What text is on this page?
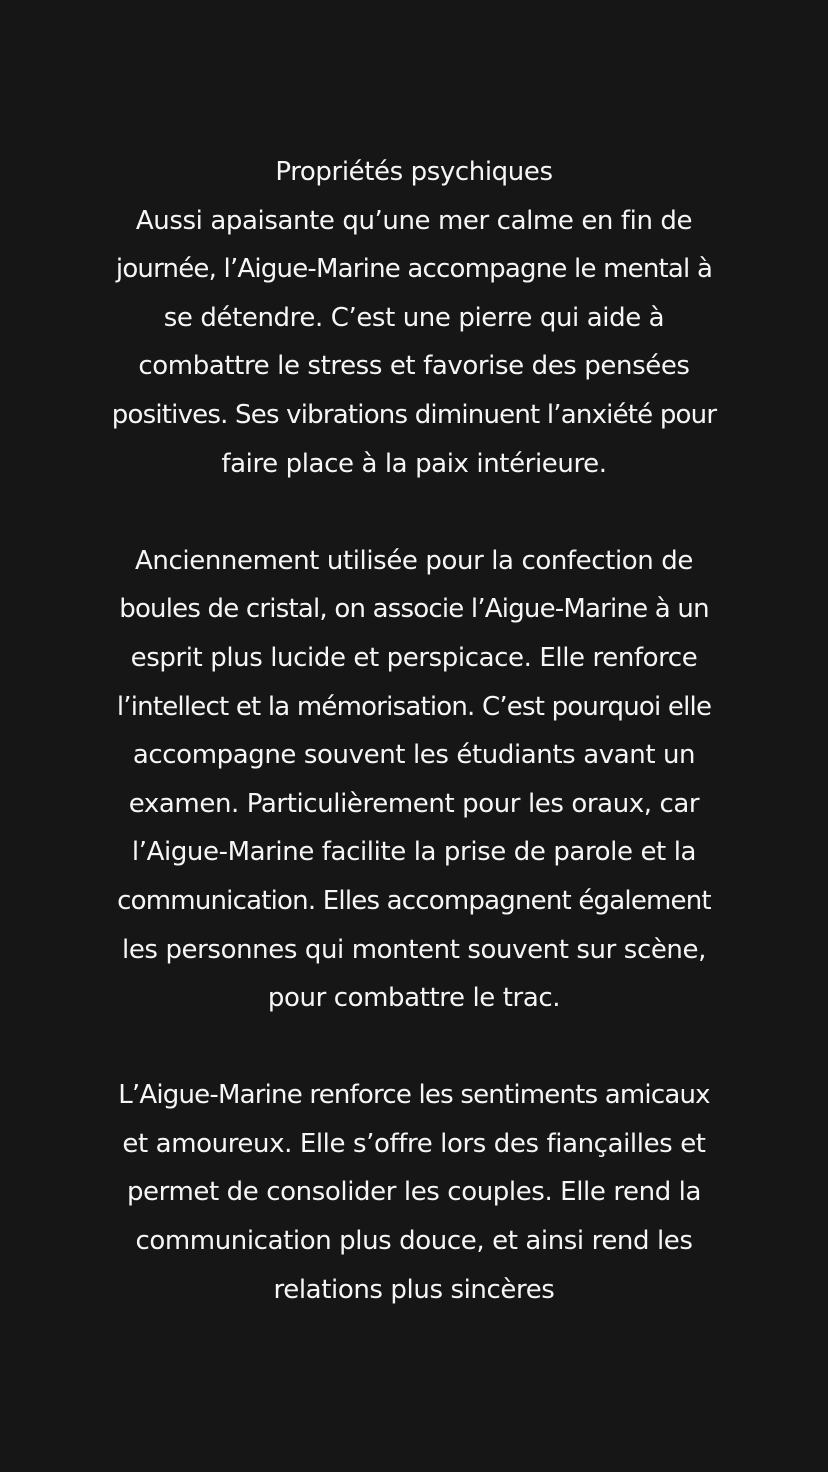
Propriétés psychiques
Aussi apaisante qu’une mer calme en fin de
journée, l’Aigue-Marine accompagne le mental à
se détendre. C’est une pierre qui aide à
combattre le stress et favorise des pensées
positives. Ses vibrations diminuent l’anxiété pour
faire place à la paix intérieure.
Anciennement utilisée pour la confection de
boules de cristal, on associe l’Aigue-Marine à un
esprit plus lucide et perspicace. Elle renforce
l’intellect et la mémorisation. C’est pourquoi elle
accompagne souvent les étudiants avant un
examen. Particulièrement pour les oraux, car
l’Aigue-Marine facilite la prise de parole et la
communication. Elles accompagnent également
les personnes qui montent souvent sur scène,
pour combattre le trac.
L’Aigue-Marine renforce les sentiments amicaux
et amoureux. Elle s’offre lors des fiançailles et
permet de consolider les couples. Elle rend la
communication plus douce, et ainsi rend les
relations plus sincères
